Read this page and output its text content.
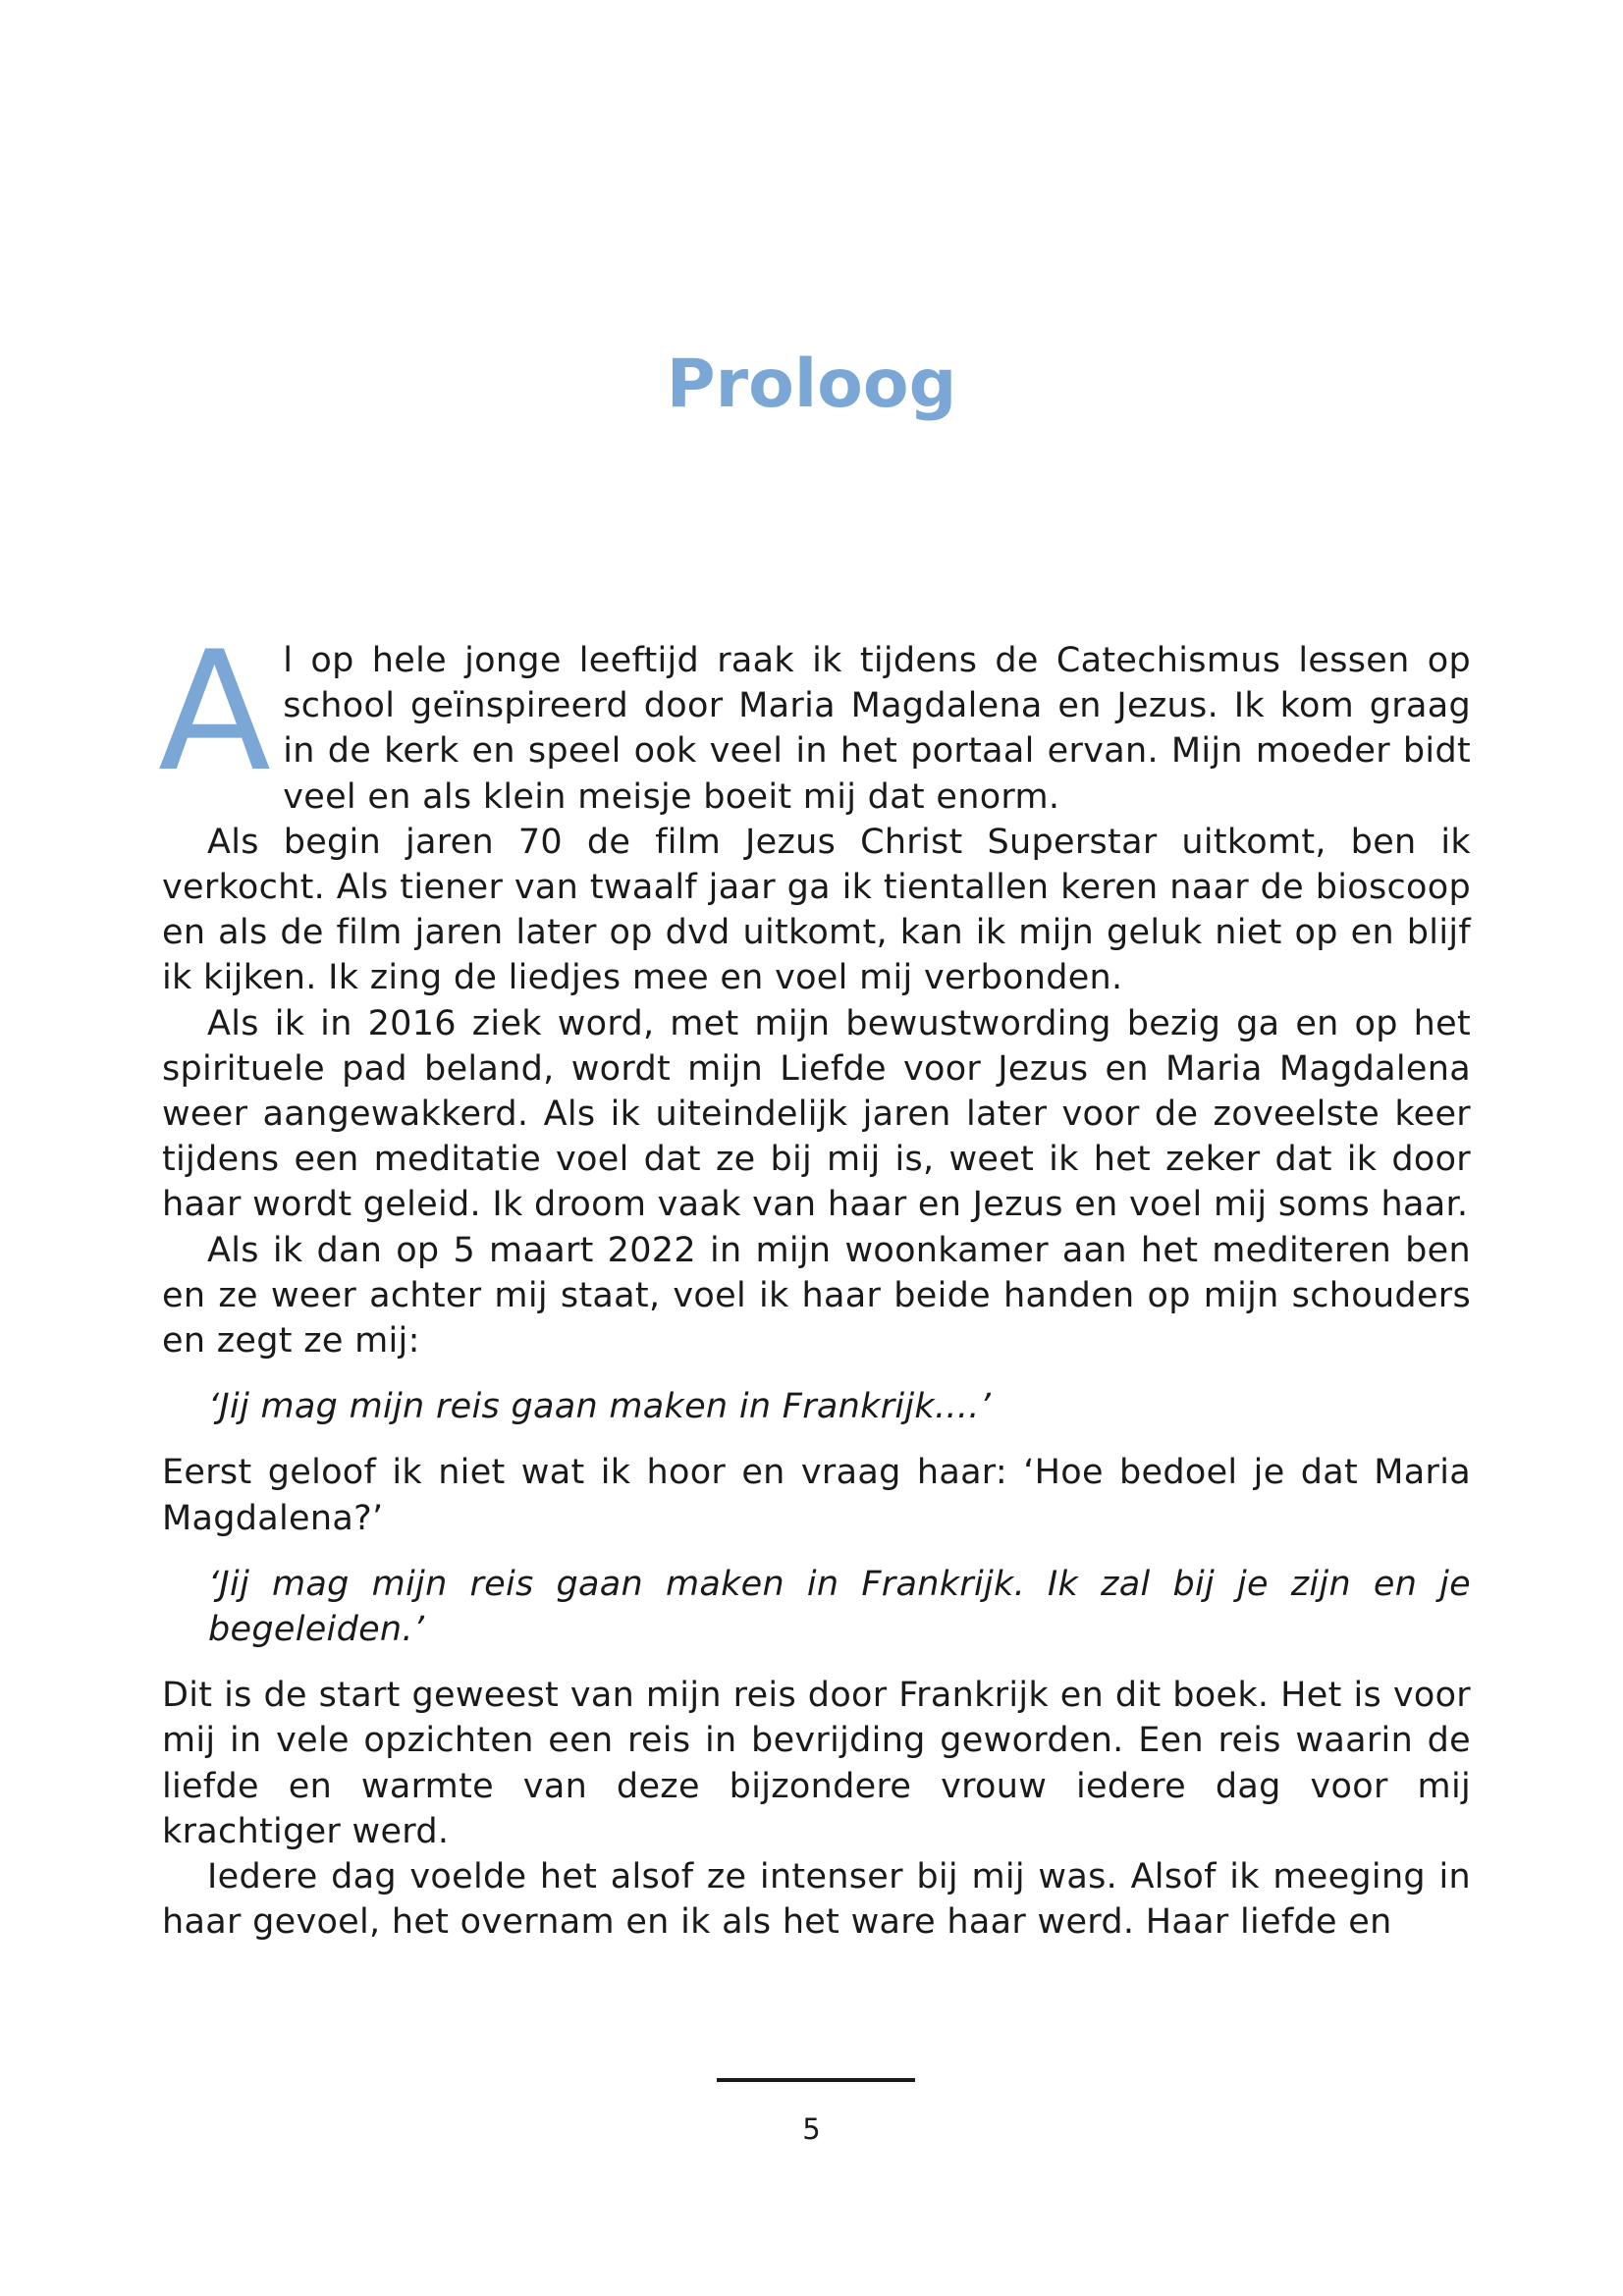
Proloog

Al op hele jonge leeftijd raak ik tijdens de Catechismus lessen op school geïnspireerd door Maria Magdalena en Jezus. Ik kom graag in de kerk en speel ook veel in het portaal ervan. Mijn moeder bidt veel en als klein meisje boeit mij dat enorm.

Als begin jaren 70 de film Jezus Christ Superstar uitkomt, ben ik verkocht. Als tiener van twaalf jaar ga ik tientallen keren naar de bioscoop en als de film jaren later op dvd uitkomt, kan ik mijn geluk niet op en blijf ik kijken. Ik zing de liedjes mee en voel mij verbonden.

Als ik in 2016 ziek word, met mijn bewustwording bezig ga en op het spirituele pad beland, wordt mijn Liefde voor Jezus en Maria Magdalena weer aangewakkerd. Als ik uiteindelijk jaren later voor de zoveelste keer tijdens een meditatie voel dat ze bij mij is, weet ik het zeker dat ik door haar wordt geleid. Ik droom vaak van haar en Jezus en voel mij soms haar.

Als ik dan op 5 maart 2022 in mijn woonkamer aan het mediteren ben en ze weer achter mij staat, voel ik haar beide handen op mijn schouders en zegt ze mij:

‘Jij mag mijn reis gaan maken in Frankrijk....’

Eerst geloof ik niet wat ik hoor en vraag haar: ‘Hoe bedoel je dat Maria Magdalena?’

‘Jij mag mijn reis gaan maken in Frankrijk. Ik zal bij je zijn en je begeleiden.’

Dit is de start geweest van mijn reis door Frankrijk en dit boek. Het is voor mij in vele opzichten een reis in bevrijding geworden. Een reis waarin de liefde en warmte van deze bijzondere vrouw iedere dag voor mij krachtiger werd.

Iedere dag voelde het alsof ze intenser bij mij was. Alsof ik meeging in haar gevoel, het overnam en ik als het ware haar werd. Haar liefde en

5
